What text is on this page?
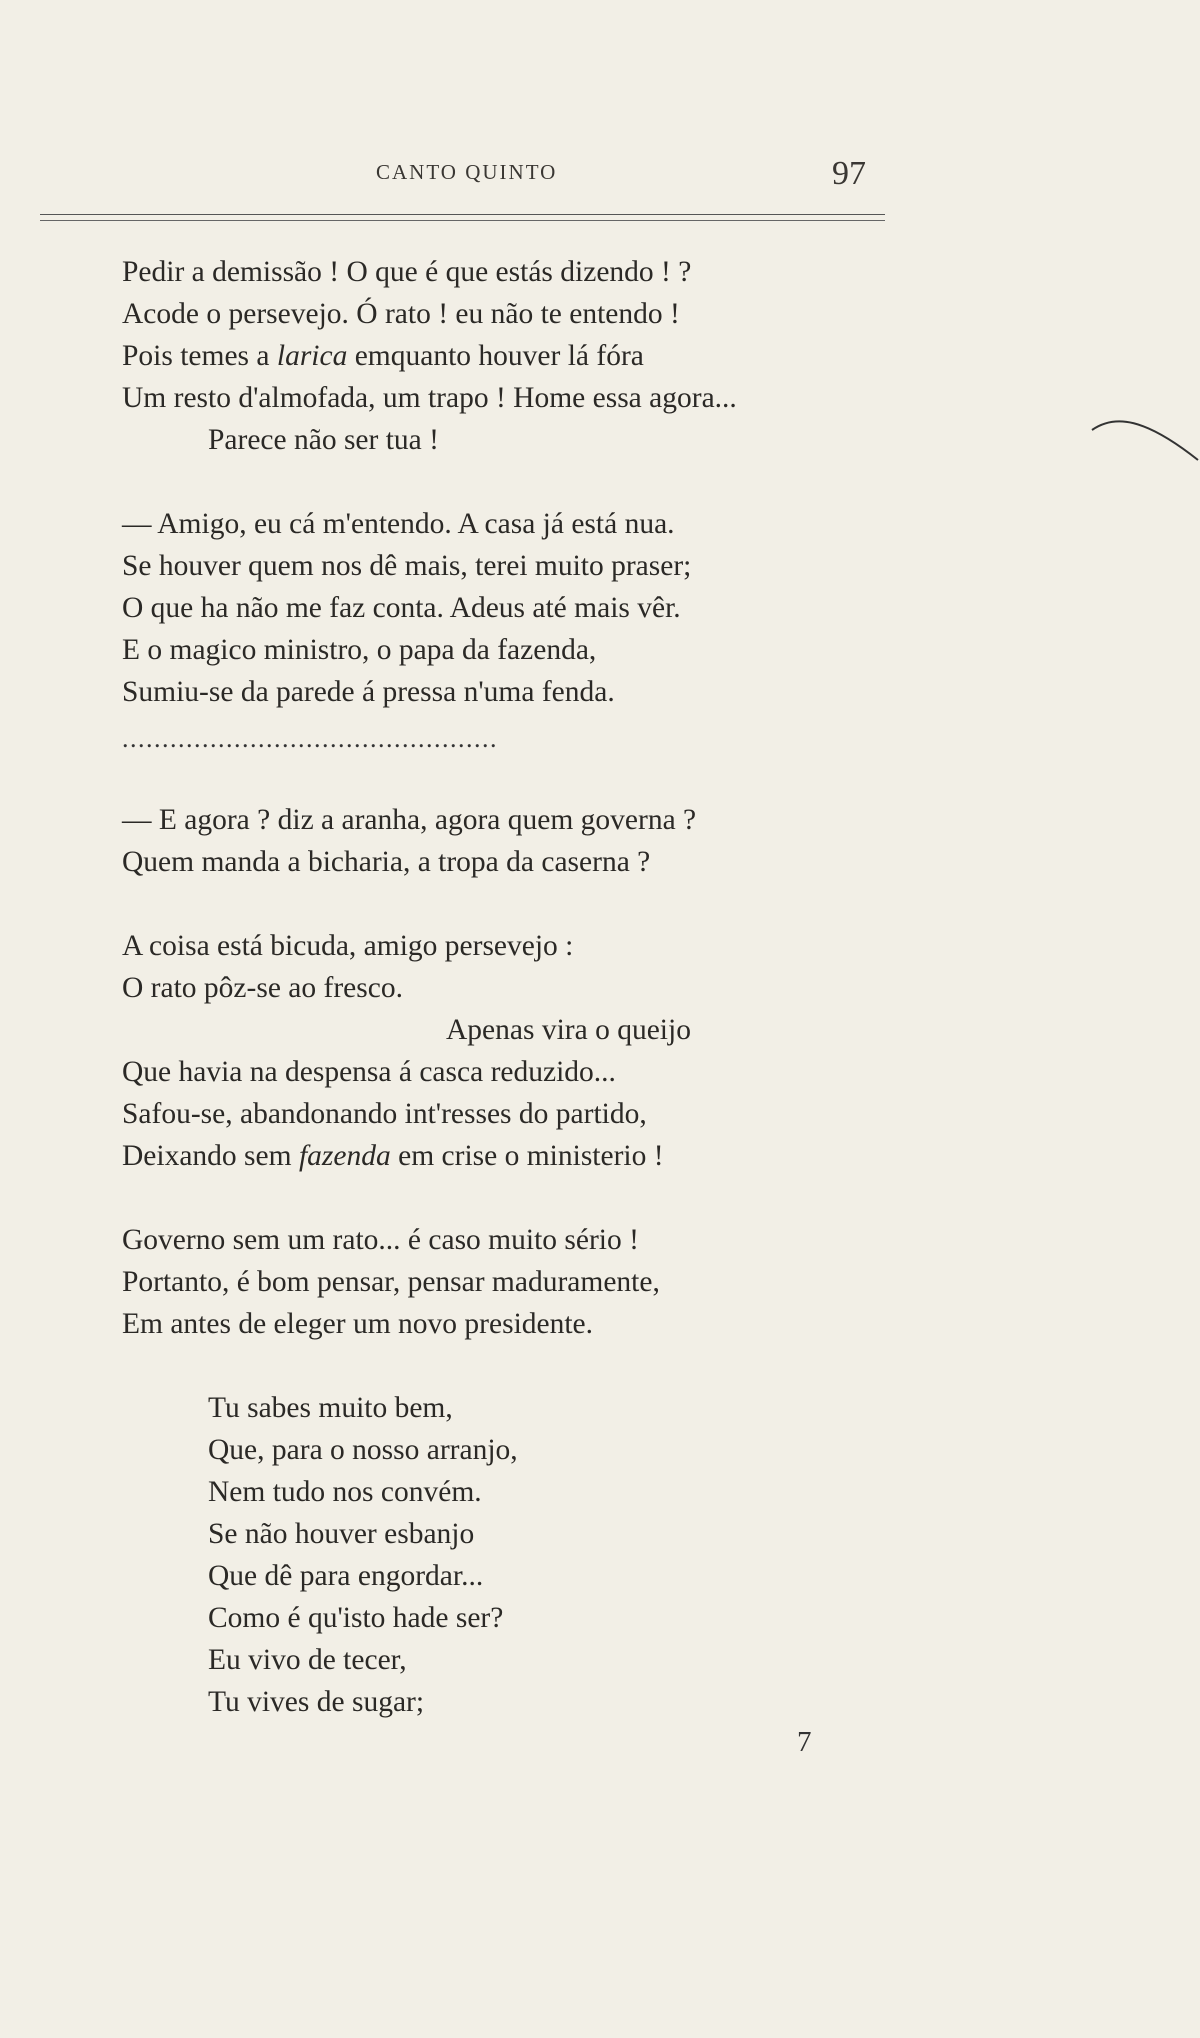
CANTO QUINTO	97
Pedir a demissão ! O que é que estás dizendo ! ?
Acode o persevejo. Ó rato ! eu não te entendo !
Pois temes a larica emquanto houver lá fóra
Um resto d'almofada, um trapo ! Home essa agora...
Parece não ser tua !
— Amigo, eu cá m'entendo. A casa já está nua.
Se houver quem nos dê mais, terei muito praser;
O que ha não me faz conta. Adeus até mais vêr.
E o magico ministro, o papa da fazenda,
Sumiu-se da parede á pressa n'uma fenda.
...............................................
— E agora ? diz a aranha, agora quem governa ?
Quem manda a bicharia, a tropa da caserna ?
A coisa está bicuda, amigo persevejo :
O rato pôz-se ao fresco.
Apenas vira o queijo
Que havia na despensa á casca reduzido...
Safou-se, abandonando int'resses do partido,
Deixando sem fazenda em crise o ministerio !
Governo sem um rato... é caso muito sério !
Portanto, é bom pensar, pensar maduramente,
Em antes de eleger um novo presidente.
Tu sabes muito bem,
Que, para o nosso arranjo,
Nem tudo nos convém.
Se não houver esbanjo
Que dê para engordar...
Como é qu'isto hade ser?
Eu vivo de tecer,
Tu vives de sugar;
7
